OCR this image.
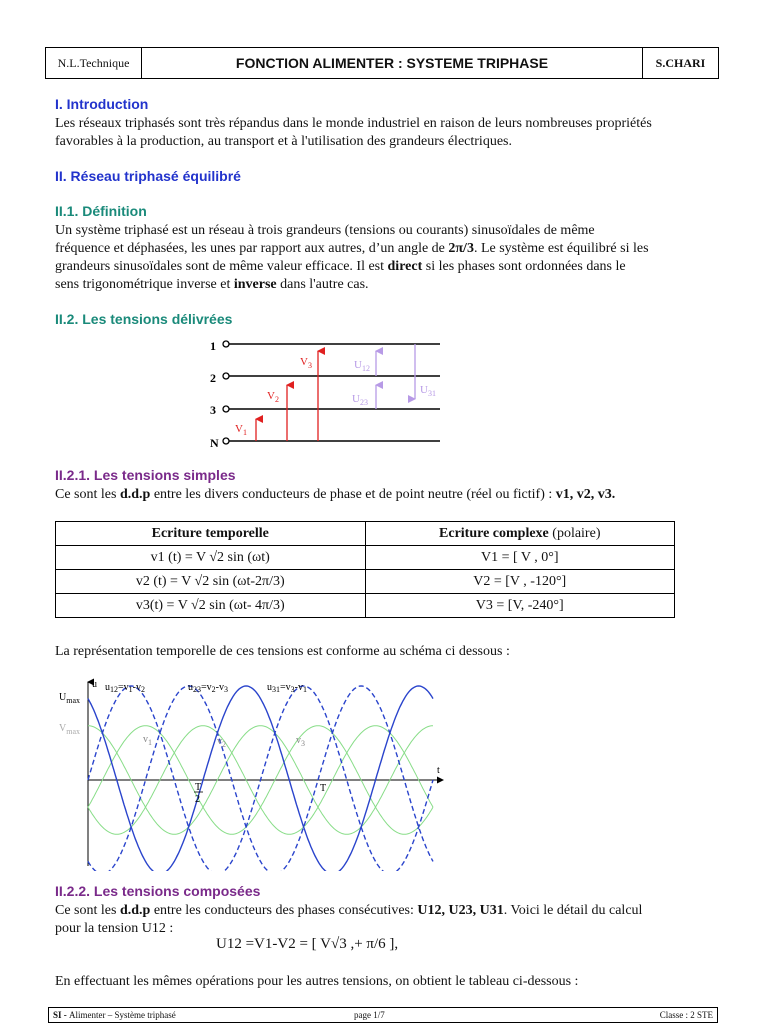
N.L.Technique	FONCTION ALIMENTER : SYSTEME TRIPHASE	S.CHARI
I. Introduction
Les réseaux triphasés sont très répandus dans le monde industriel en raison de leurs nombreuses propriétés
favorables à la production, au transport et à l'utilisation des grandeurs électriques.
II. Réseau triphasé équilibré
II.1. Définition
Un système triphasé est un réseau à trois grandeurs (tensions ou courants) sinusoïdales de même
fréquence et déphasées, les unes par rapport aux autres, d’un angle de 2π/3. Le système est équilibré si les
grandeurs sinusoïdales sont de même valeur efficace. Il est direct si les phases sont ordonnées dans le
sens trigonométrique inverse et inverse dans l'autre cas.
II.2. Les tensions délivrées
1
2
3
N
$V_1$
$V_2$
$V_3$	$U_{12}$
$U_{23}$
$U_{31}$
II.2.1. Les tensions simples
Ce sont les d.d.p entre les divers conducteurs de phase et de point neutre (réel ou fictif) : v1, v2, v3.
Ecriture temporelle	Ecriture complexe (polaire)
v1 (t) = V √2 sin (ωt)	V1 = [ V , 0°]
v2 (t) = V √2 sin (ωt-2π/3)	V2 = [V , -120°]
v3(t) = V √2 sin (ωt- 4π/3)	V3 = [V, -240°]
La représentation temporelle de ces tensions est conforme au schéma ci dessous :
u
t
$U_{max}$
$V_{max}$
$u_{12}=v_1-v_2$	$u_{23}=v_2-v_3$	$u_{31}=v_3-v_1$
$v_1$	$v_2$	$v_3$
T
2
T
II.2.2. Les tensions composées
Ce sont les d.d.p entre les conducteurs des phases consécutives: U12, U23, U31. Voici le détail du calcul
pour la tension U12 :
U12 =V1-V2 = [ V√3 ,+ π/6 ],
En effectuant les mêmes opérations pour les autres tensions, on obtient le tableau ci-dessous :
SI - Alimenter – Système triphasé	page 1/7	Classe : 2 STE
